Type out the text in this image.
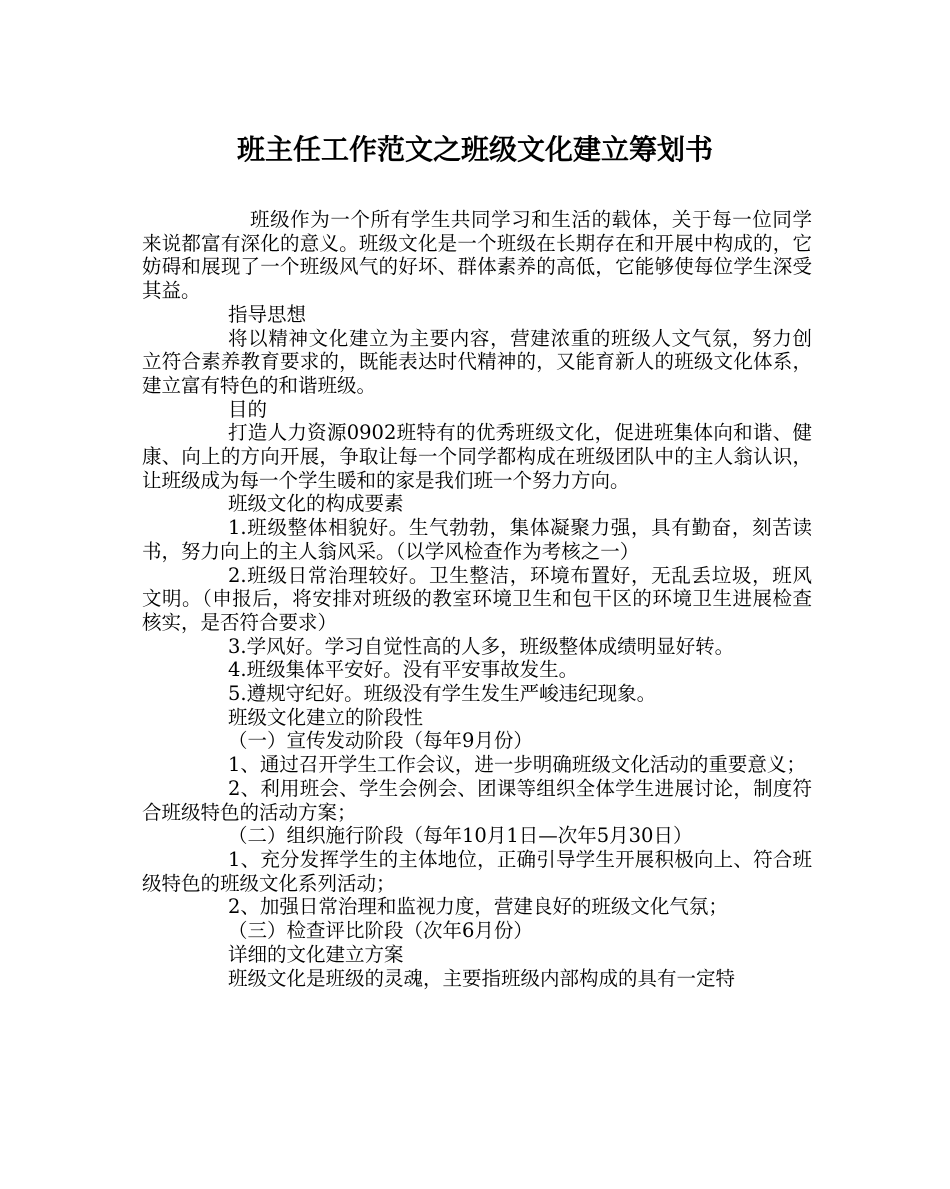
班主任工作范文之班级文化建立筹划书

班级作为一个所有学生共同学习和生活的载体，关于每一位同学来说都富有深化的意义。班级文化是一个班级在长期存在和开展中构成的，它妨碍和展现了一个班级风气的好坏、群体素养的高低，它能够使每位学生深受其益。

指导思想

将以精神文化建立为主要内容，营建浓重的班级人文气氛，努力创立符合素养教育要求的，既能表达时代精神的，又能育新人的班级文化体系，建立富有特色的和谐班级。

目的

打造人力资源0902班特有的优秀班级文化，促进班集体向和谐、健康、向上的方向开展，争取让每一个同学都构成在班级团队中的主人翁认识，让班级成为每一个学生暖和的家是我们班一个努力方向。

班级文化的构成要素

1.班级整体相貌好。生气勃勃，集体凝聚力强，具有勤奋，刻苦读书，努力向上的主人翁风采。（以学风检查作为考核之一）

2.班级日常治理较好。卫生整洁，环境布置好，无乱丢垃圾，班风文明。（申报后，将安排对班级的教室环境卫生和包干区的环境卫生进展检查核实，是否符合要求）

3.学风好。学习自觉性高的人多，班级整体成绩明显好转。

4.班级集体平安好。没有平安事故发生。

5.遵规守纪好。班级没有学生发生严峻违纪现象。

班级文化建立的阶段性

（一）宣传发动阶段（每年9月份）

1、通过召开学生工作会议，进一步明确班级文化活动的重要意义；

2、利用班会、学生会例会、团课等组织全体学生进展讨论，制度符合班级特色的活动方案；

（二）组织施行阶段（每年10月1日—次年5月30日）

1、充分发挥学生的主体地位，正确引导学生开展积极向上、符合班级特色的班级文化系列活动；

2、加强日常治理和监视力度，营建良好的班级文化气氛；

（三）检查评比阶段（次年6月份）

详细的文化建立方案

班级文化是班级的灵魂，主要指班级内部构成的具有一定特
